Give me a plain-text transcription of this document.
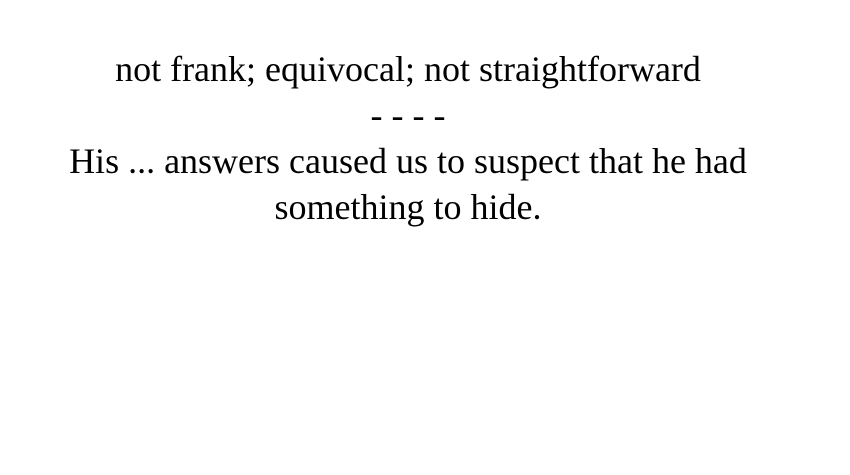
not frank; equivocal; not straightforward
- - - -
His ... answers caused us to suspect that he had something to hide.
